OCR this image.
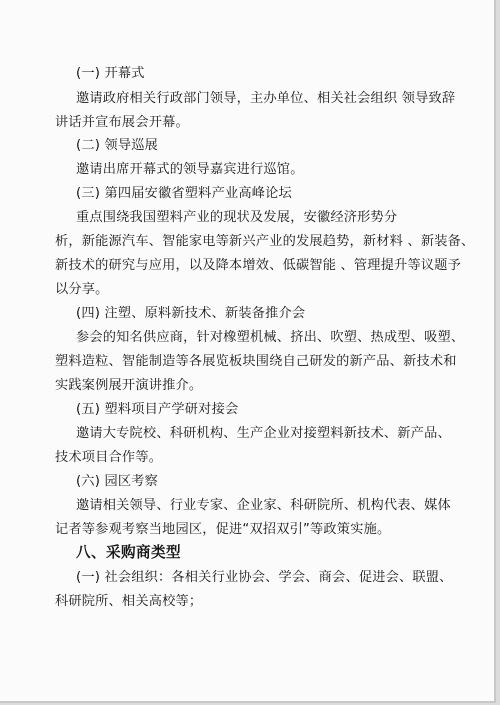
(一) 开幕式
邀请政府相关行政部门领导，主办单位、相关社会组织 领导致辞
讲话并宣布展会开幕。
(二) 领导巡展
邀请出席开幕式的领导嘉宾进行巡馆。
(三) 第四届安徽省塑料产业高峰论坛
重点围绕我国塑料产业的现状及发展，安徽经济形势分
析，新能源汽车、智能家电等新兴产业的发展趋势，新材料 、新装备、
新技术的研究与应用，以及降本增效、低碳智能 、管理提升等议题予
以分享。
(四) 注塑、原料新技术、新装备推介会
参会的知名供应商，针对橡塑机械、挤出、吹塑、热成型、吸塑、
塑料造粒、智能制造等各展览板块围绕自己研发的新产品、新技术和
实践案例展开演讲推介。
(五) 塑料项目产学研对接会
邀请大专院校、科研机构、生产企业对接塑料新技术、新产品、
技术项目合作等。
(六) 园区考察
邀请相关领导、行业专家、企业家、科研院所、机构代表、媒体
记者等参观考察当地园区，促进“双招双引”等政策实施。
八、采购商类型
(一) 社会组织：各相关行业协会、学会、商会、促进会、联盟、
科研院所、相关高校等；
